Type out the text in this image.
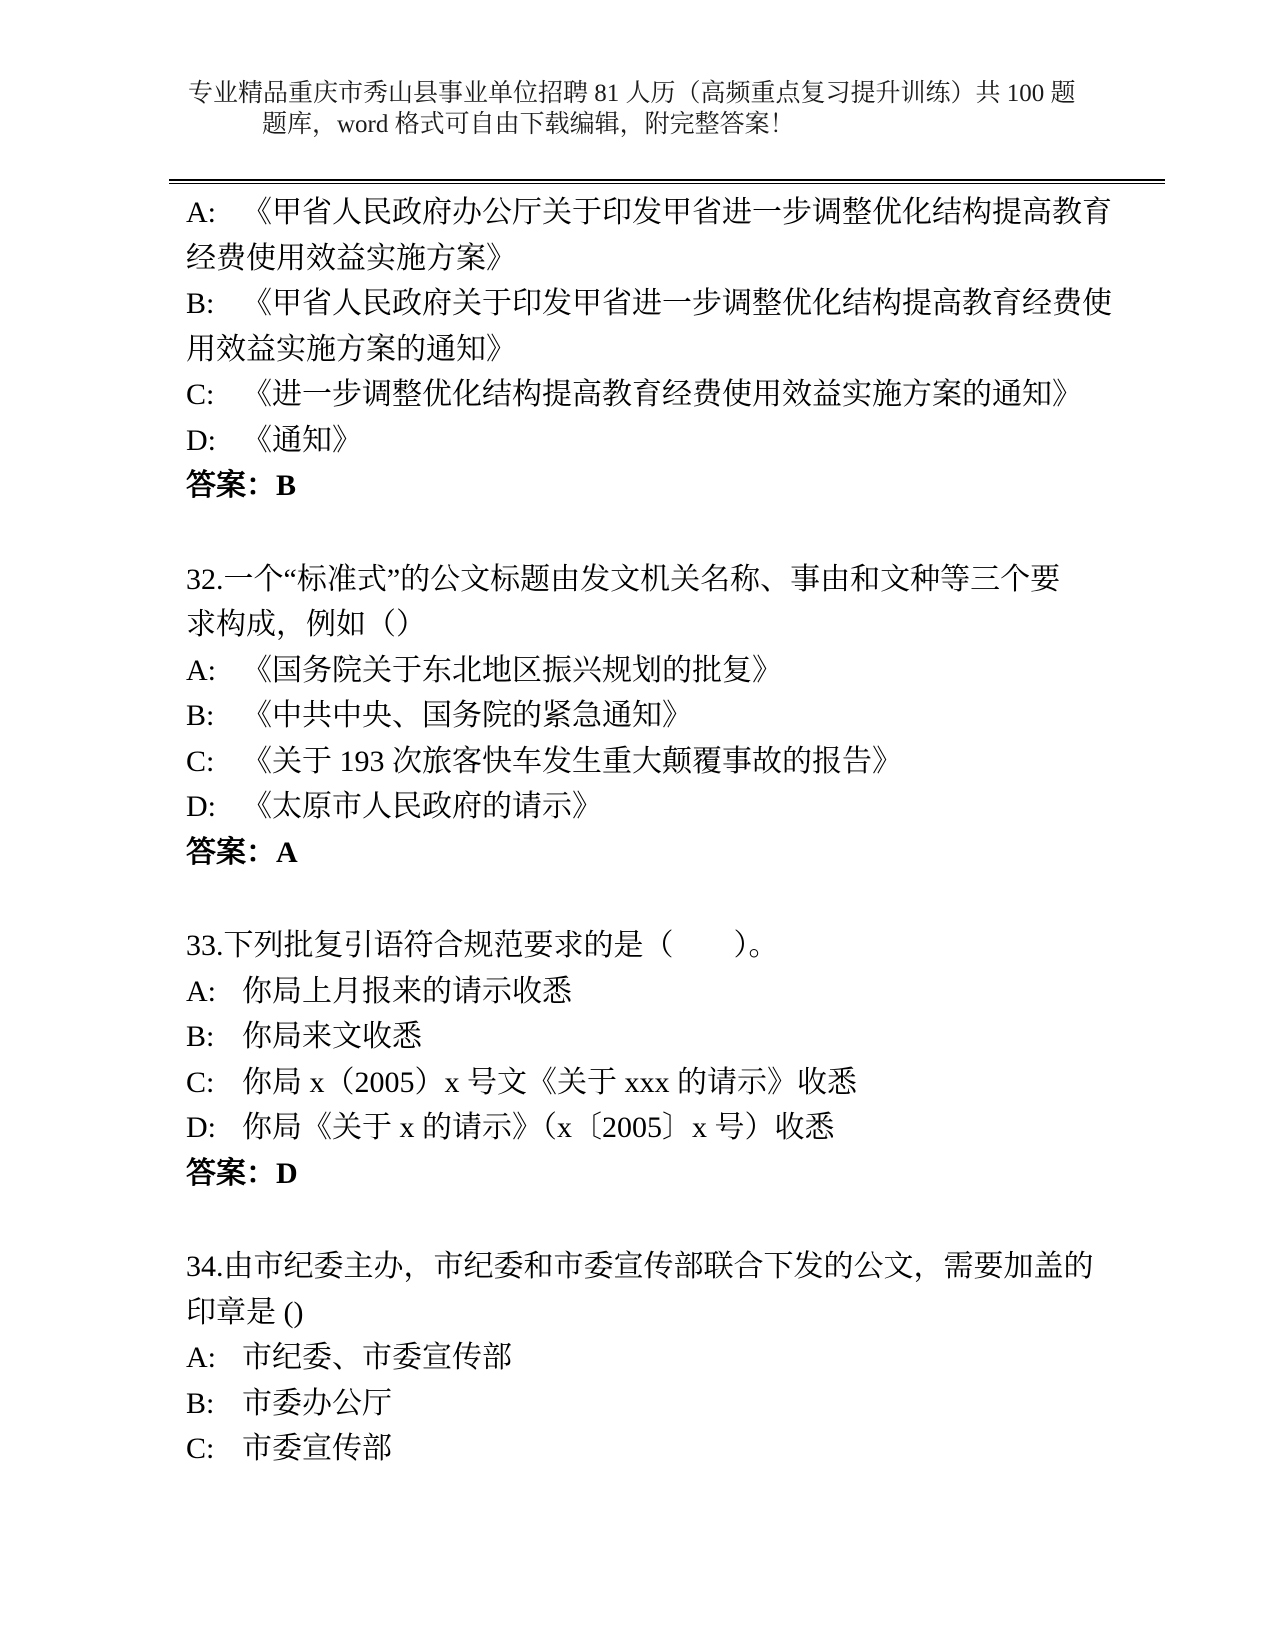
专业精品重庆市秀山县事业单位招聘 81 人历（高频重点复习提升训练）共 100 题
题库，word 格式可自由下载编辑，附完整答案！
A: 《甲省人民政府办公厅关于印发甲省进一步调整优化结构提高教育
经费使用效益实施方案》
B: 《甲省人民政府关于印发甲省进一步调整优化结构提高教育经费使
用效益实施方案的通知》
C: 《进一步调整优化结构提高教育经费使用效益实施方案的通知》
D: 《通知》
答案：B
32.一个“标准式”的公文标题由发文机关名称、事由和文种等三个要
求构成，例如（）
A: 《国务院关于东北地区振兴规划的批复》
B: 《中共中央、国务院的紧急通知》
C: 《关于 193 次旅客快车发生重大颠覆事故的报告》
D: 《太原市人民政府的请示》
答案：A
33.下列批复引语符合规范要求的是（　　）。
A: 你局上月报来的请示收悉
B: 你局来文收悉
C: 你局 x（2005）x 号文《关于 xxx 的请示》收悉
D: 你局《关于 x 的请示》（x〔2005〕x 号）收悉
答案：D
34.由市纪委主办，市纪委和市委宣传部联合下发的公文，需要加盖的
印章是 ()
A: 市纪委、市委宣传部
B: 市委办公厅
C: 市委宣传部
